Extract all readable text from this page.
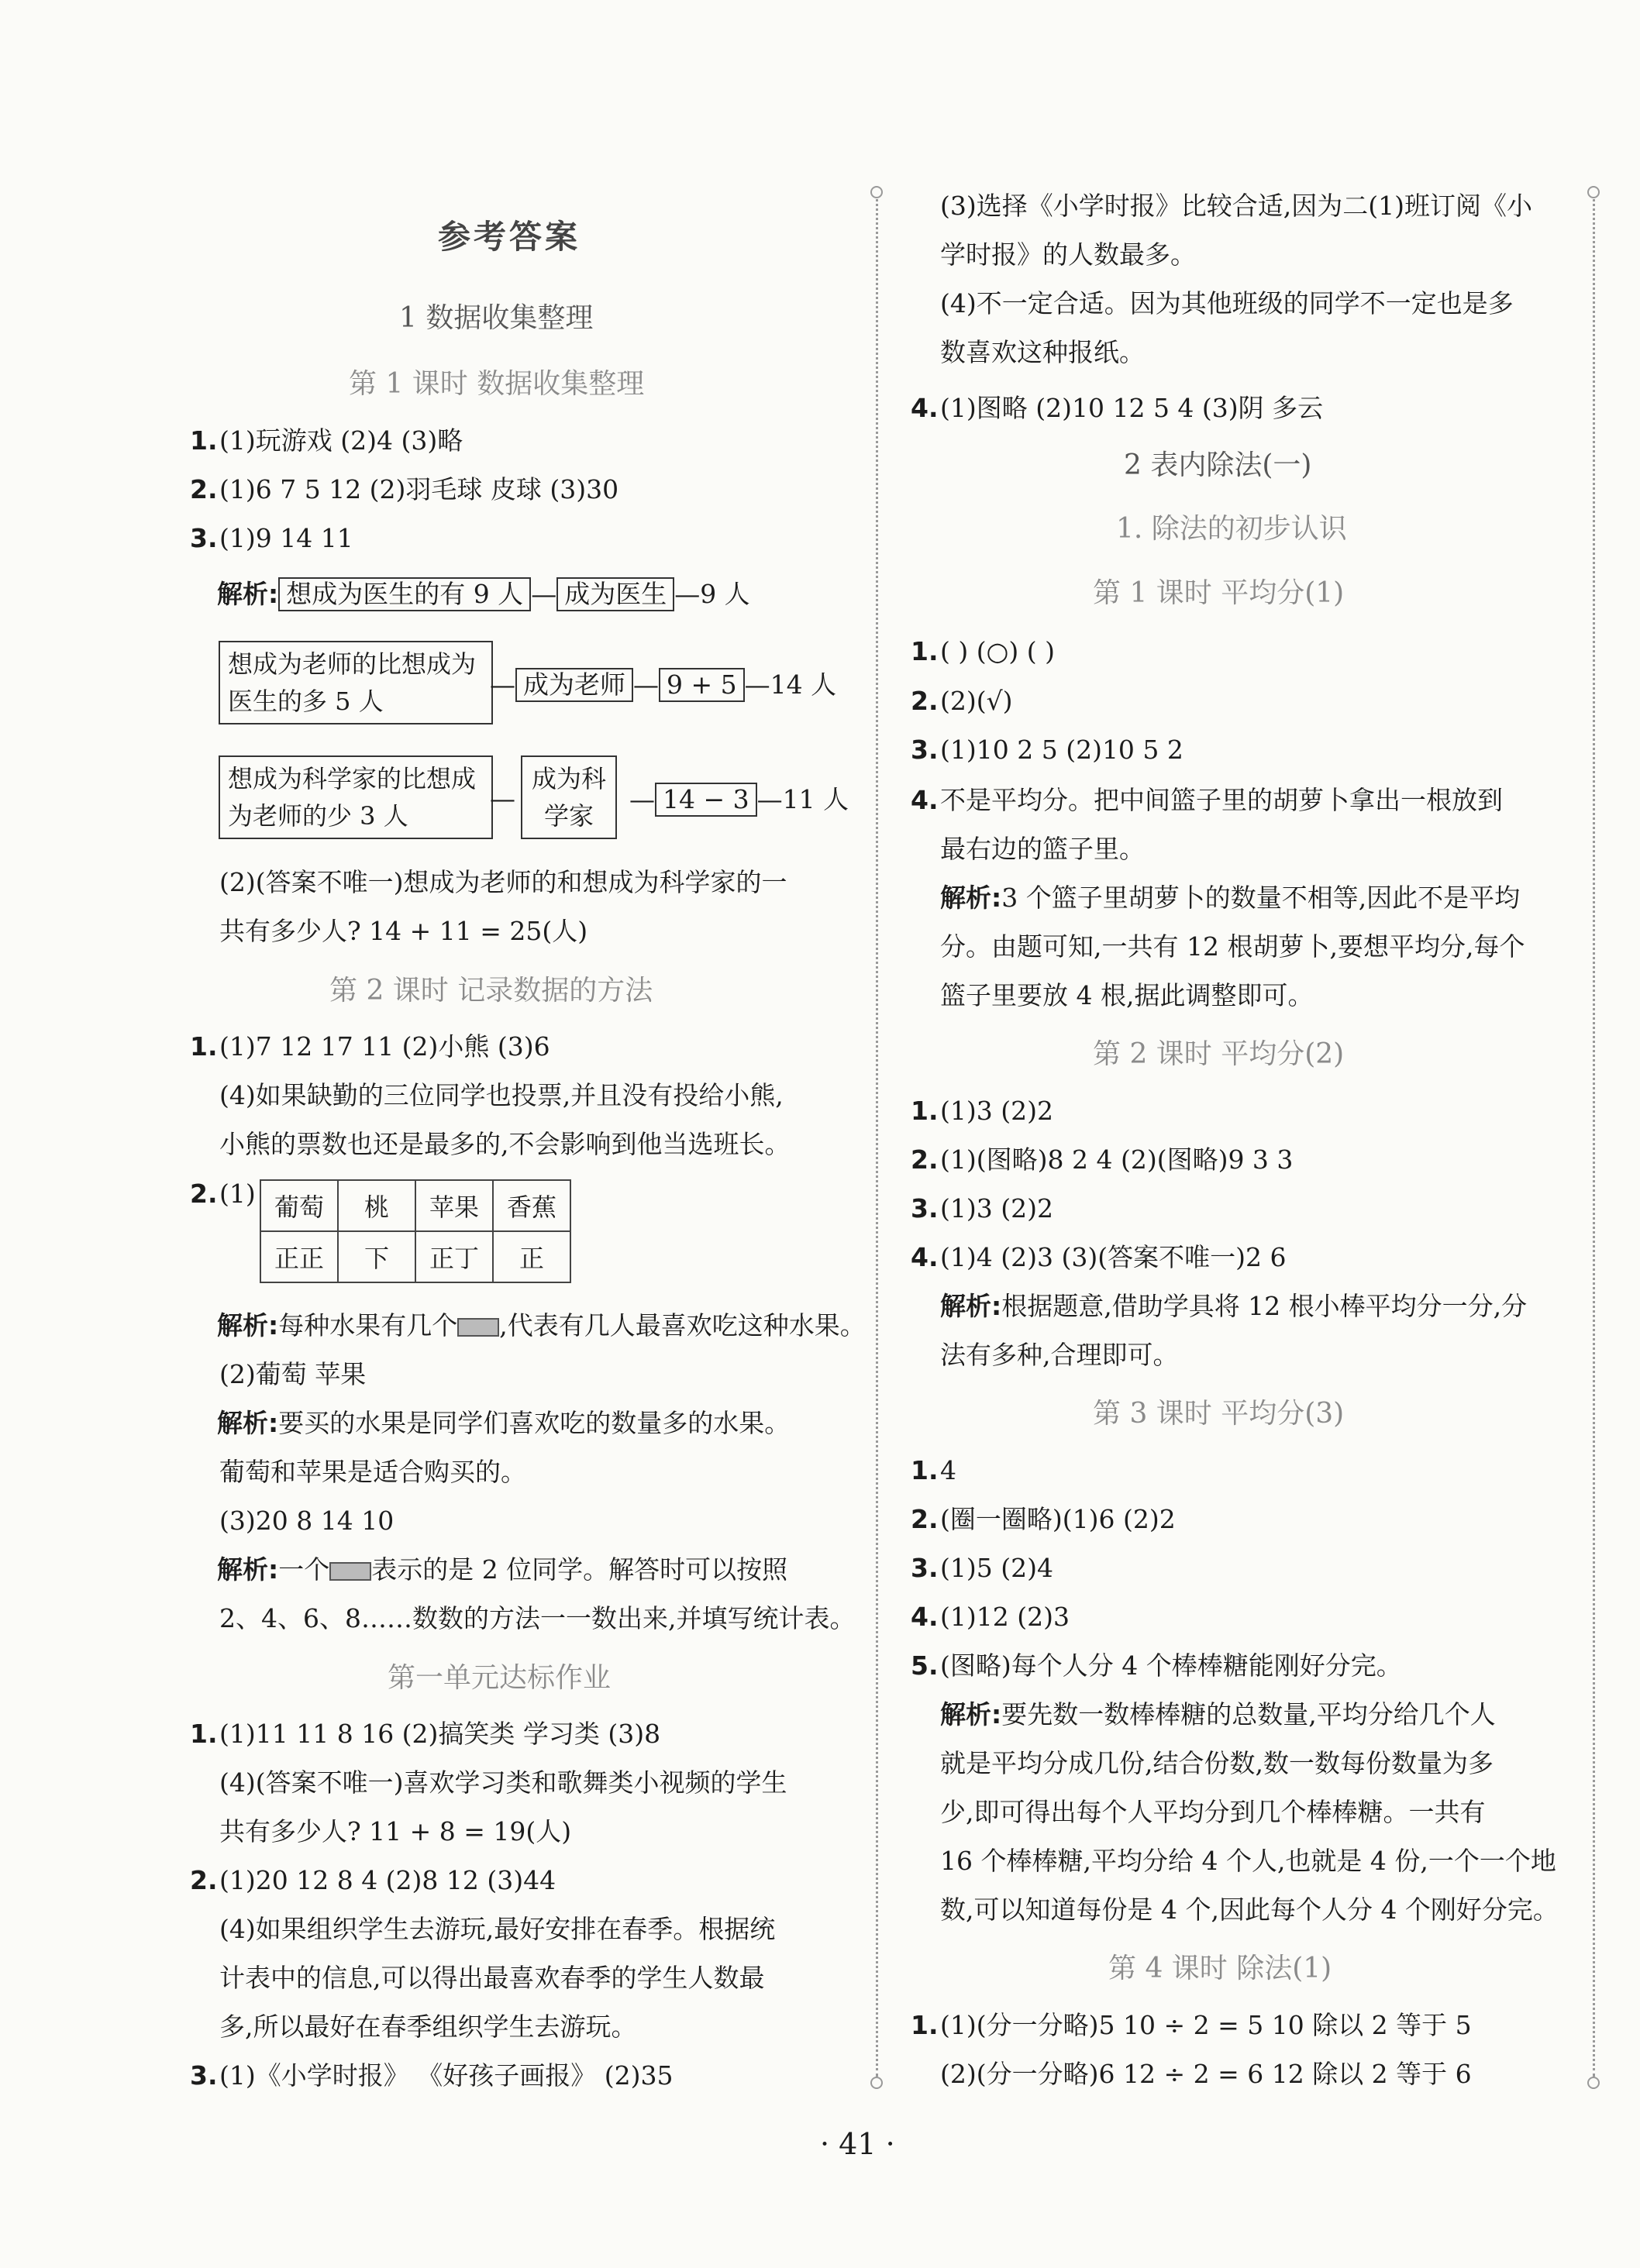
参考答案
1 数据收集整理
第 1 课时 数据收集整理
1.(1)玩游戏 (2)4 (3)略
2.(1)6 7 5 12 (2)羽毛球 皮球 (3)30
3.(1)9 14 11
解析: 想成为医生的有 9 人 — 成为医生 —9 人
想成为老师的比想成为医生的多 5 人
— 成为老师 — 9 + 5 —14 人
想成为科学家的比想成为老师的少 3 人
成为科学家
—	— 14 − 3 —11 人
(2)(答案不唯一)想成为老师的和想成为科学家的一
共有多少人? 14 + 11 = 25(人)
第 2 课时 记录数据的方法
1.(1)7 12 17 11 (2)小熊 (3)6
(4)如果缺勤的三位同学也投票,并且没有投给小熊,
小熊的票数也还是最多的,不会影响到他当选班长。
2.(1) 葡萄	桃	苹果	香蕉
正正	下	正丁	正
解析:每种水果有几个 ,代表有几人最喜欢吃这种水果。
(2)葡萄 苹果
解析:要买的水果是同学们喜欢吃的数量多的水果。
葡萄和苹果是适合购买的。
(3)20 8 14 10
解析:一个 表示的是 2 位同学。解答时可以按照
2、4、6、8……数数的方法一一数出来,并填写统计表。
第一单元达标作业
1.(1)11 11 8 16 (2)搞笑类 学习类 (3)8
(4)(答案不唯一)喜欢学习类和歌舞类小视频的学生
共有多少人? 11 + 8 = 19(人)
2.(1)20 12 8 4 (2)8 12 (3)44
(4)如果组织学生去游玩,最好安排在春季。根据统
计表中的信息,可以得出最喜欢春季的学生人数最
多,所以最好在春季组织学生去游玩。
3.(1)《小学时报》 《好孩子画报》 (2)35
(3)选择《小学时报》比较合适,因为二(1)班订阅《小
学时报》的人数最多。
(4)不一定合适。因为其他班级的同学不一定也是多
数喜欢这种报纸。
4.(1)图略 (2)10 12 5 4 (3)阴 多云
2 表内除法(一)
1. 除法的初步认识
第 1 课时 平均分(1)
1.( ) (○) ( )
2.(2)(√)
3.(1)10 2 5 (2)10 5 2
4.不是平均分。把中间篮子里的胡萝卜拿出一根放到
最右边的篮子里。
解析:3 个篮子里胡萝卜的数量不相等,因此不是平均
分。由题可知,一共有 12 根胡萝卜,要想平均分,每个
篮子里要放 4 根,据此调整即可。
第 2 课时 平均分(2)
1.(1)3 (2)2
2.(1)(图略)8 2 4 (2)(图略)9 3 3
3.(1)3 (2)2
4.(1)4 (2)3 (3)(答案不唯一)2 6
解析:根据题意,借助学具将 12 根小棒平均分一分,分
法有多种,合理即可。
第 3 课时 平均分(3)
1.4
2.(圈一圈略)(1)6 (2)2
3.(1)5 (2)4
4.(1)12 (2)3
5.(图略)每个人分 4 个棒棒糖能刚好分完。
解析:要先数一数棒棒糖的总数量,平均分给几个人
就是平均分成几份,结合份数,数一数每份数量为多
少,即可得出每个人平均分到几个棒棒糖。一共有
16 个棒棒糖,平均分给 4 个人,也就是 4 份,一个一个地
数,可以知道每份是 4 个,因此每个人分 4 个刚好分完。
第 4 课时 除法(1)
1.(1)(分一分略)5 10 ÷ 2 = 5 10 除以 2 等于 5
(2)(分一分略)6 12 ÷ 2 = 6 12 除以 2 等于 6
· 41 ·
